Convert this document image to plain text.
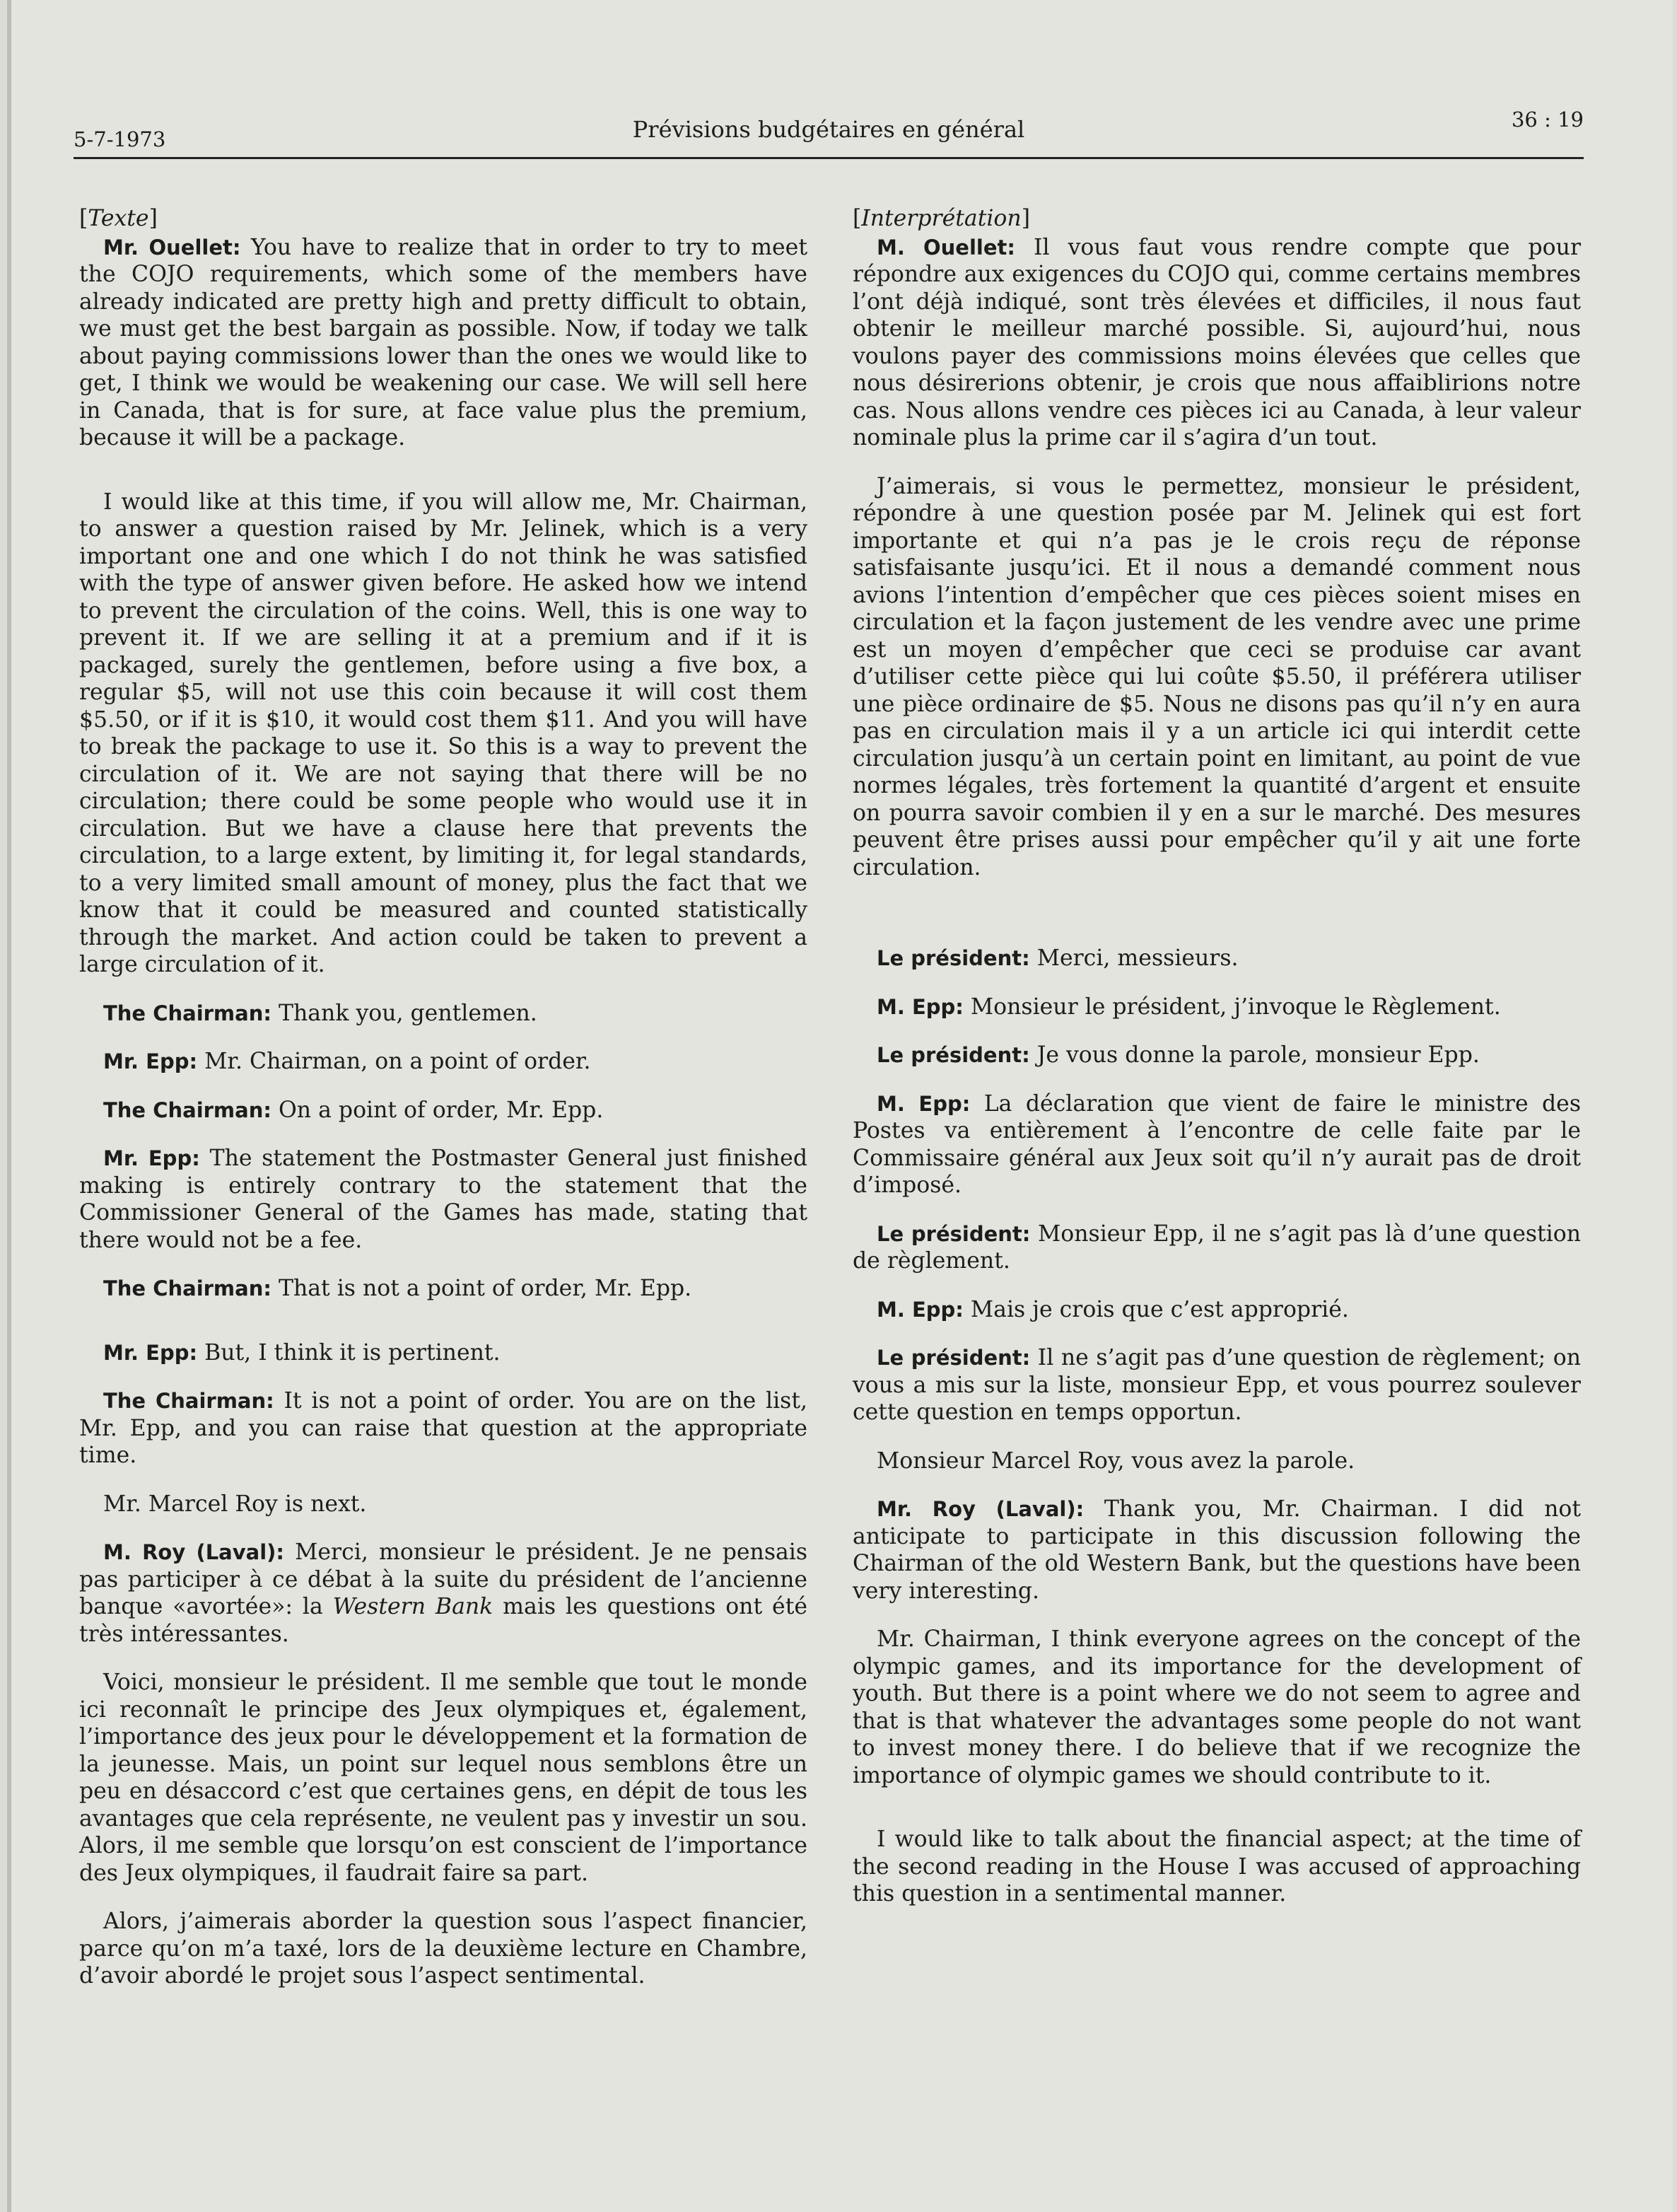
5-7-1973	Prévisions budgétaires en général	36 : 19
[Texte]

Mr. Ouellet: You have to realize that in order to try to meet the COJO requirements, which some of the members have already indicated are pretty high and pretty difficult to obtain, we must get the best bargain as possible. Now, if today we talk about paying commissions lower than the ones we would like to get, I think we would be weakening our case. We will sell here in Canada, that is for sure, at face value plus the premium, because it will be a package.

I would like at this time, if you will allow me, Mr. Chairman, to answer a question raised by Mr. Jelinek, which is a very important one and one which I do not think he was satisfied with the type of answer given before. He asked how we intend to prevent the circulation of the coins. Well, this is one way to prevent it. If we are selling it at a premium and if it is packaged, surely the gentlemen, before using a five box, a regular $5, will not use this coin because it will cost them $5.50, or if it is $10, it would cost them $11. And you will have to break the package to use it. So this is a way to prevent the circulation of it. We are not saying that there will be no circulation; there could be some people who would use it in circulation. But we have a clause here that prevents the circulation, to a large extent, by limiting it, for legal standards, to a very limited small amount of money, plus the fact that we know that it could be measured and counted statistically through the market. And action could be taken to prevent a large circulation of it.

The Chairman: Thank you, gentlemen.

Mr. Epp: Mr. Chairman, on a point of order.

The Chairman: On a point of order, Mr. Epp.

Mr. Epp: The statement the Postmaster General just finished making is entirely contrary to the statement that the Commissioner General of the Games has made, stating that there would not be a fee.

The Chairman: That is not a point of order, Mr. Epp.

Mr. Epp: But, I think it is pertinent.

The Chairman: It is not a point of order. You are on the list, Mr. Epp, and you can raise that question at the appropriate time.

Mr. Marcel Roy is next.

M. Roy (Laval): Merci, monsieur le président. Je ne pensais pas participer à ce débat à la suite du président de l’ancienne banque «avortée»: la Western Bank mais les questions ont été très intéressantes.

Voici, monsieur le président. Il me semble que tout le monde ici reconnaît le principe des Jeux olympiques et, également, l’importance des jeux pour le développement et la formation de la jeunesse. Mais, un point sur lequel nous semblons être un peu en désaccord c’est que certaines gens, en dépit de tous les avantages que cela représente, ne veulent pas y investir un sou. Alors, il me semble que lorsqu’on est conscient de l’importance des Jeux olympiques, il faudrait faire sa part.

Alors, j’aimerais aborder la question sous l’aspect financier, parce qu’on m’a taxé, lors de la deuxième lecture en Chambre, d’avoir abordé le projet sous l’aspect sentimental.

[Interprétation]

M. Ouellet: Il vous faut vous rendre compte que pour répondre aux exigences du COJO qui, comme certains membres l’ont déjà indiqué, sont très élevées et difficiles, il nous faut obtenir le meilleur marché possible. Si, aujourd’hui, nous voulons payer des commissions moins élevées que celles que nous désirerions obtenir, je crois que nous affaiblirions notre cas. Nous allons vendre ces pièces ici au Canada, à leur valeur nominale plus la prime car il s’agira d’un tout.

J’aimerais, si vous le permettez, monsieur le président, répondre à une question posée par M. Jelinek qui est fort importante et qui n’a pas je le crois reçu de réponse satisfaisante jusqu’ici. Et il nous a demandé comment nous avions l’intention d’empêcher que ces pièces soient mises en circulation et la façon justement de les vendre avec une prime est un moyen d’empêcher que ceci se produise car avant d’utiliser cette pièce qui lui coûte $5.50, il préférera utiliser une pièce ordinaire de $5. Nous ne disons pas qu’il n’y en aura pas en circulation mais il y a un article ici qui interdit cette circulation jusqu’à un certain point en limitant, au point de vue normes légales, très fortement la quantité d’argent et ensuite on pourra savoir combien il y en a sur le marché. Des mesures peuvent être prises aussi pour empêcher qu’il y ait une forte circulation.

Le président: Merci, messieurs.

M. Epp: Monsieur le président, j’invoque le Règlement.

Le président: Je vous donne la parole, monsieur Epp.

M. Epp: La déclaration que vient de faire le ministre des Postes va entièrement à l’encontre de celle faite par le Commissaire général aux Jeux soit qu’il n’y aurait pas de droit d’imposé.

Le président: Monsieur Epp, il ne s’agit pas là d’une question de règlement.

M. Epp: Mais je crois que c’est approprié.

Le président: Il ne s’agit pas d’une question de règlement; on vous a mis sur la liste, monsieur Epp, et vous pourrez soulever cette question en temps opportun.

Monsieur Marcel Roy, vous avez la parole.

Mr. Roy (Laval): Thank you, Mr. Chairman. I did not anticipate to participate in this discussion following the Chairman of the old Western Bank, but the questions have been very interesting.

Mr. Chairman, I think everyone agrees on the concept of the olympic games, and its importance for the development of youth. But there is a point where we do not seem to agree and that is that whatever the advantages some people do not want to invest money there. I do believe that if we recognize the importance of olympic games we should contribute to it.

I would like to talk about the financial aspect; at the time of the second reading in the House I was accused of approaching this question in a sentimental manner.
